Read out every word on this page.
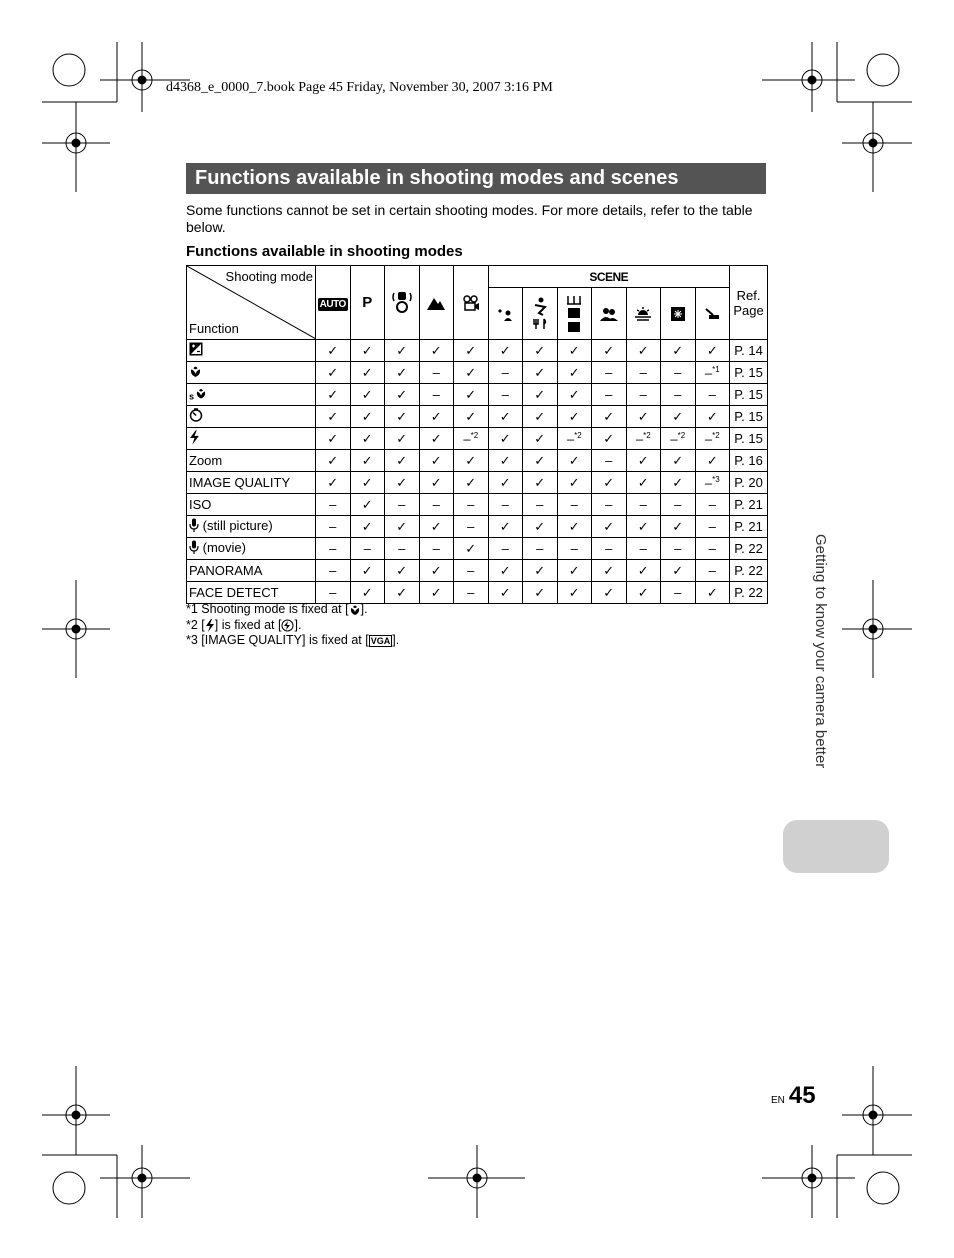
d4368_e_0000_7.book Page 45 Friday, November 30, 2007 3:16 PM
Functions available in shooting modes and scenes
Some functions cannot be set in certain shooting modes. For more details, refer to the table below.
Functions available in shooting modes
Shooting mode
Function	AUTO	P				SCENE							Ref. Page

	✓	✓	✓	✓	✓	✓	✓	✓	✓	✓	✓	✓	P. 14
	✓	✓	✓	–	✓	–	✓	✓	–	–	–	–$^{*1}$	P. 15

s	✓	✓	✓	–	✓	–	✓	✓	–	–	–	–	P. 15
	✓	✓	✓	✓	✓	✓	✓	✓	✓	✓	✓	✓	P. 15
	✓	✓	✓	✓	–$^{*2}$	✓	✓	–$^{*2}$	✓	–$^{*2}$	–$^{*2}$	–$^{*2}$	P. 15
Zoom	✓	✓	✓	✓	✓	✓	✓	✓	–	✓	✓	✓	P. 16
IMAGE QUALITY	✓	✓	✓	✓	✓	✓	✓	✓	✓	✓	✓	–$^{*3}$	P. 20
ISO	–	✓	–	–	–	–	–	–	–	–	–	–	P. 21
(still picture)	–	✓	✓	✓	–	✓	✓	✓	✓	✓	✓	–	P. 21
(movie)	–	–	–	–	✓	–	–	–	–	–	–	–	P. 22
PANORAMA	–	✓	✓	✓	–	✓	✓	✓	✓	✓	✓	–	P. 22
FACE DETECT	–	✓	✓	✓	–	✓	✓	✓	✓	✓	–	✓	P. 22
*1 Shooting mode is fixed at [ ].
*2 [ ] is fixed at [ ].
*3 [IMAGE QUALITY] is fixed at [ VGA ].	Getting to know your camera better
EN 45
